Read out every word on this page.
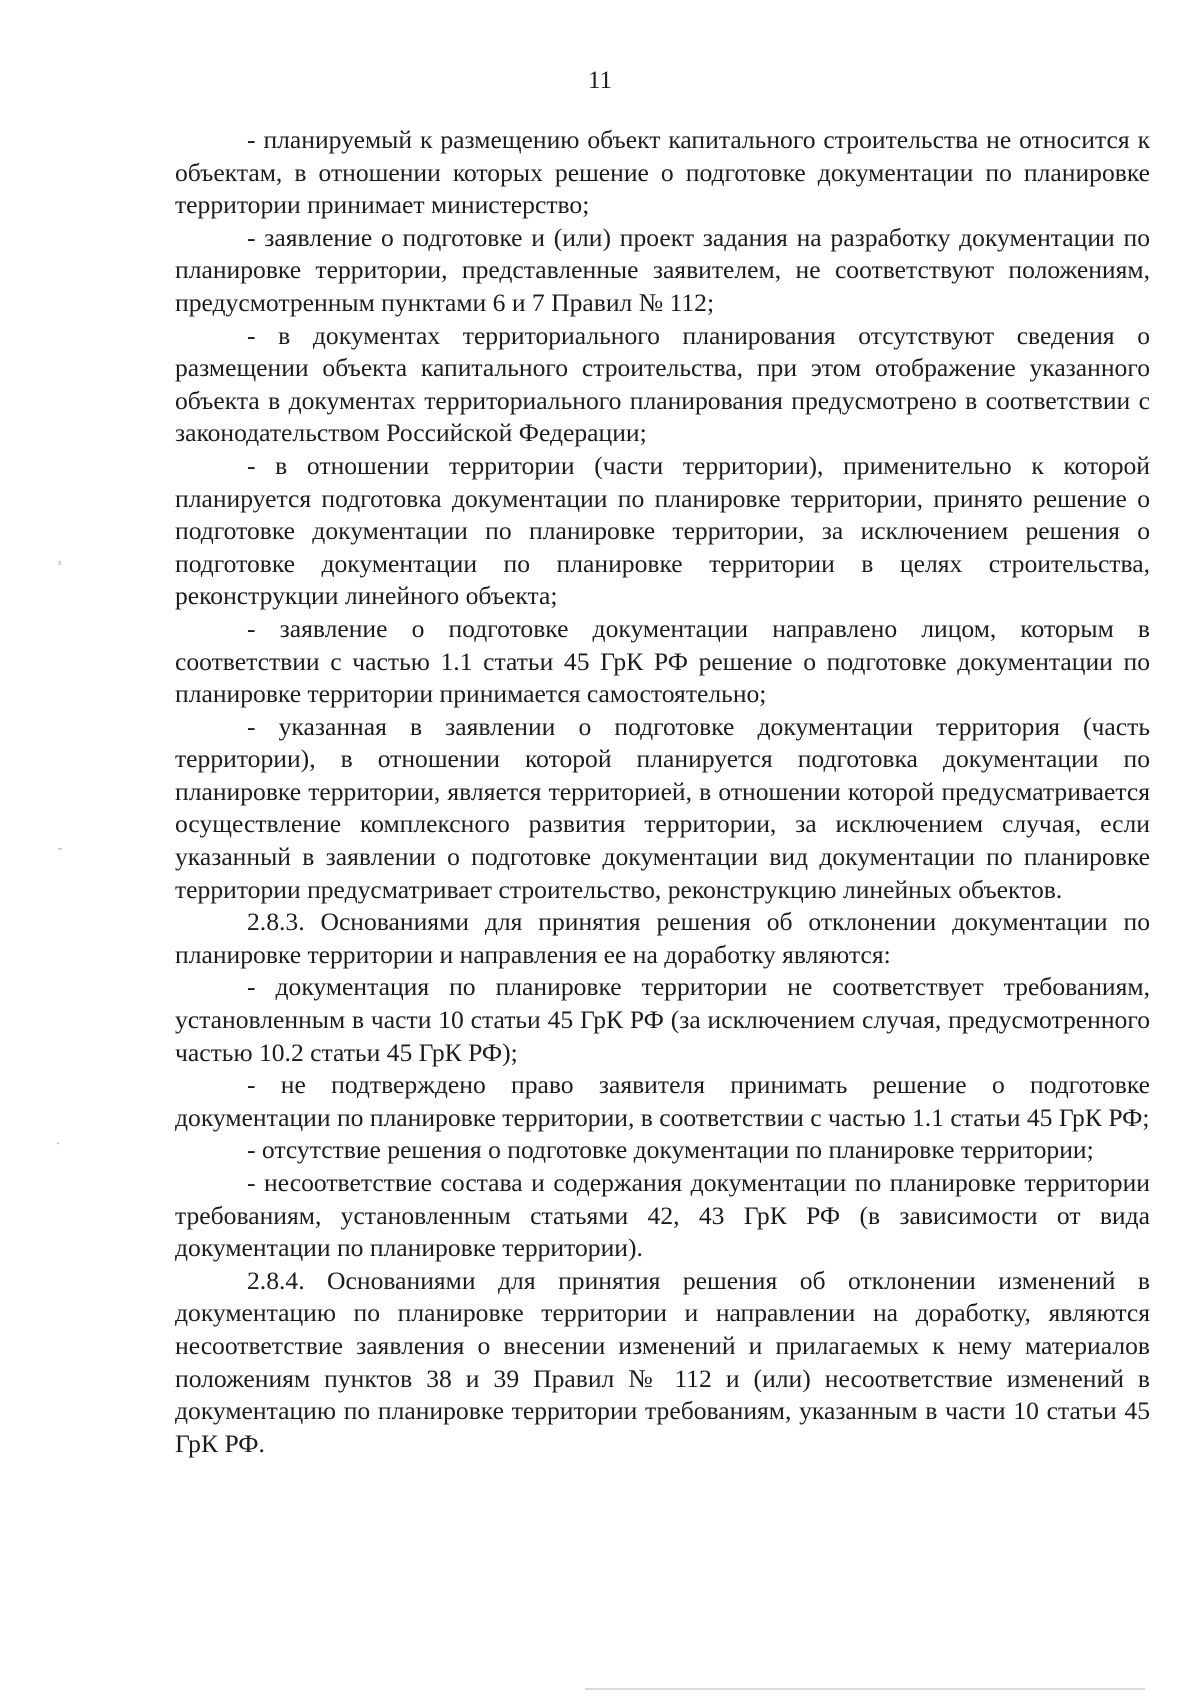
11

- планируемый к размещению объект капитального строительства не относится к объектам, в отношении которых решение о подготовке документации по планировке территории принимает министерство;

- заявление о подготовке и (или) проект задания на разработку документации по планировке территории, представленные заявителем, не соответствуют положениям, предусмотренным пунктами 6 и 7 Правил № 112;

- в документах территориального планирования отсутствуют сведения о размещении объекта капитального строительства, при этом отображение указанного объекта в документах территориального планирования предусмотрено в соответствии с законодательством Российской Федерации;

- в отношении территории (части территории), применительно к которой планируется подготовка документации по планировке территории, принято решение о подготовке документации по планировке территории, за исключением решения о подготовке документации по планировке территории в целях строительства, реконструкции линейного объекта;

- заявление о подготовке документации направлено лицом, которым в соответствии с частью 1.1 статьи 45 ГрК РФ решение о подготовке документации по планировке территории принимается самостоятельно;

- указанная в заявлении о подготовке документации территория (часть территории), в отношении которой планируется подготовка документации по планировке территории, является территорией, в отношении которой предусматривается осуществление комплексного развития территории, за исключением случая, если указанный в заявлении о подготовке документации вид документации по планировке территории предусматривает строительство, реконструкцию линейных объектов.

2.8.3. Основаниями для принятия решения об отклонении документации по планировке территории и направления ее на доработку являются:

- документация по планировке территории не соответствует требованиям, установленным в части 10 статьи 45 ГрК РФ (за исключением случая, предусмотренного частью 10.2 статьи 45 ГрК РФ);

- не подтверждено право заявителя принимать решение о подготовке документации по планировке территории, в соответствии с частью 1.1 статьи 45 ГрК РФ;

- отсутствие решения о подготовке документации по планировке территории;

- несоответствие состава и содержания документации по планировке территории требованиям, установленным статьями 42, 43 ГрК РФ (в зависимости от вида документации по планировке территории).

2.8.4. Основаниями для принятия решения об отклонении изменений в документацию по планировке территории и направлении на доработку, являются несоответствие заявления о внесении изменений и прилагаемых к нему материалов положениям пунктов 38 и 39 Правил № 112 и (или) несоответствие изменений в документацию по планировке территории требованиям, указанным в части 10 статьи 45 ГрК РФ.

ˣ
˜
ˎ
